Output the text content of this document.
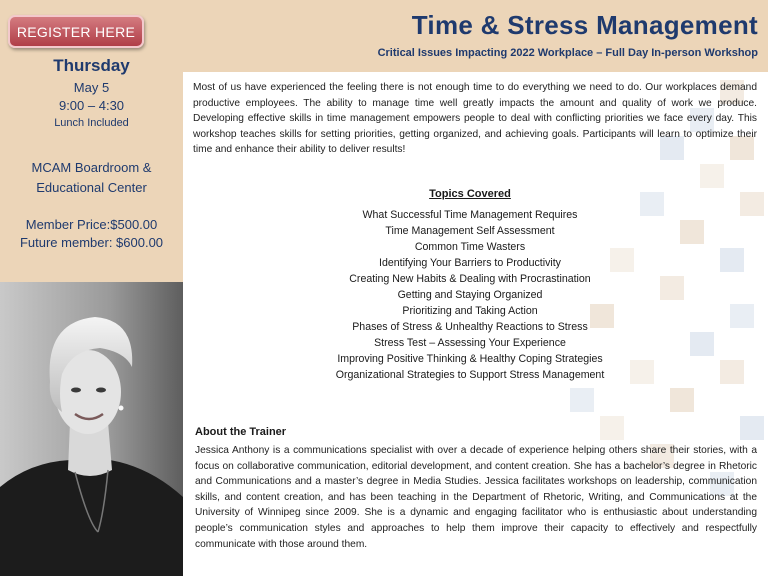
REGISTER HERE
Thursday
May 5
9:00 – 4:30
Lunch Included
MCAM Boardroom &
Educational Center
Member Price:$500.00
Future member: $600.00
Time & Stress Management
Critical Issues Impacting 2022 Workplace – Full Day In-person Workshop

Most of us have experienced the feeling there is not enough time to do everything we need to do. Our workplaces demand productive employees. The ability to manage time well greatly impacts the amount and quality of work we produce. Developing effective skills in time management empowers people to deal with conflicting priorities we face every day. This workshop teaches skills for setting priorities, getting organized, and achieving goals. Participants will learn to optimize their time and enhance their ability to deliver results!

Topics Covered
What Successful Time Management Requires
Time Management Self Assessment
Common Time Wasters
Identifying Your Barriers to Productivity
Creating New Habits & Dealing with Procrastination
Getting and Staying Organized
Prioritizing and Taking Action
Phases of Stress & Unhealthy Reactions to Stress
Stress Test – Assessing Your Experience
Improving Positive Thinking & Healthy Coping Strategies
Organizational Strategies to Support Stress Management
About the Trainer

Jessica Anthony is a communications specialist with over a decade of experience helping others share their stories, with a focus on collaborative communication, editorial development, and content creation. She has a bachelor’s degree in Rhetoric and Communications and a master’s degree in Media Studies. Jessica facilitates workshops on leadership, communication skills, and content creation, and has been teaching in the Department of Rhetoric, Writing, and Communications at the University of Winnipeg since 2009. She is a dynamic and engaging facilitator who is enthusiastic about understanding people’s communication styles and approaches to help them improve their capacity to effectively and respectfully communicate with those around them.
